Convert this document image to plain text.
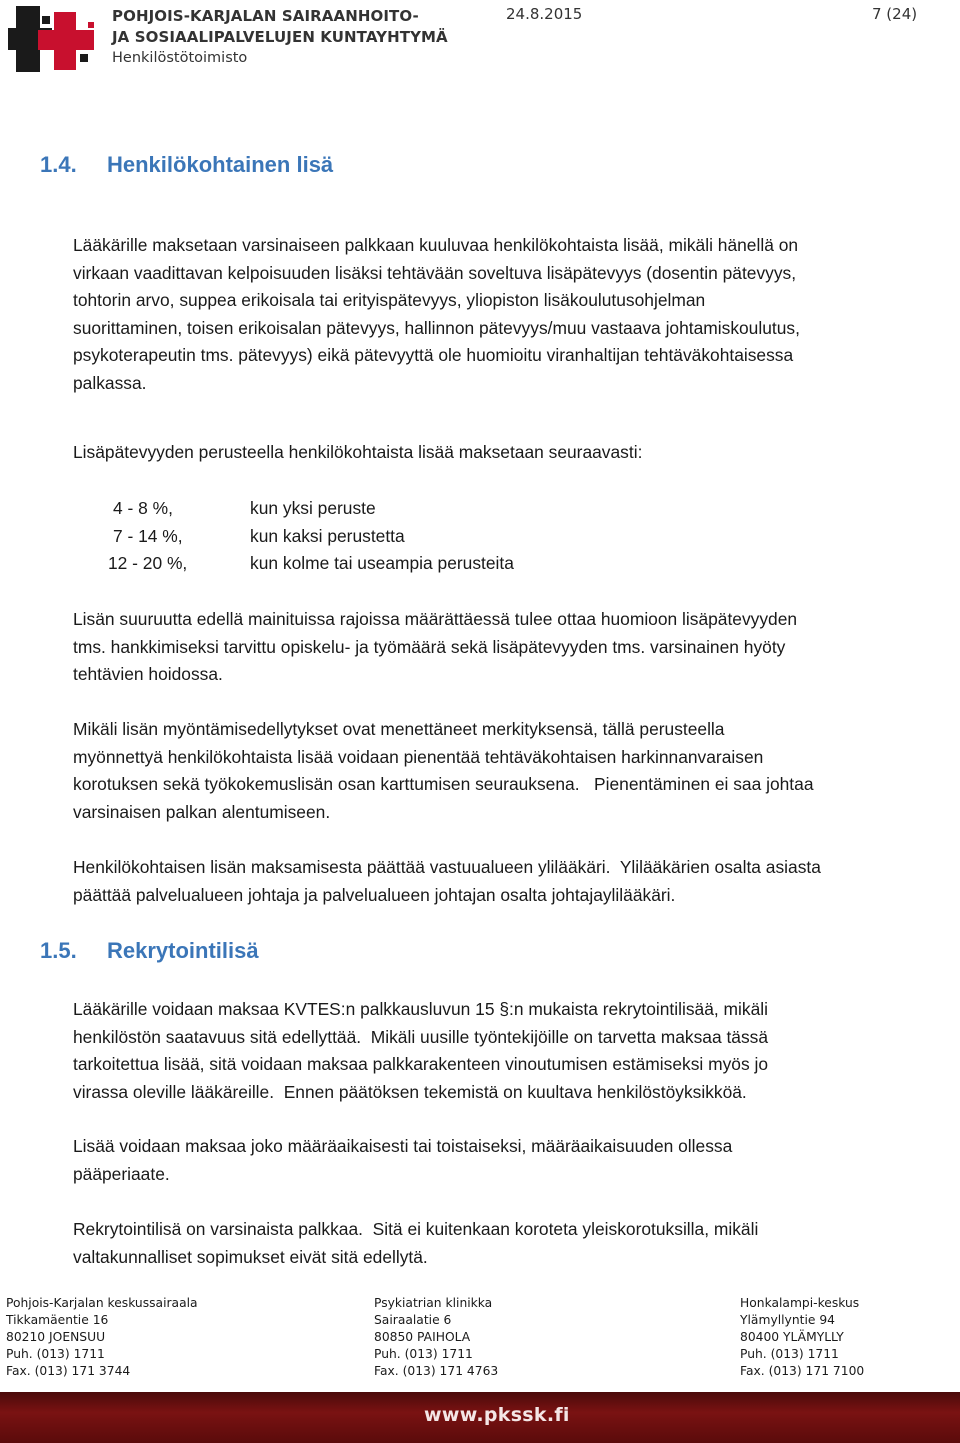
POHJOIS-KARJALAN SAIRAANHOITO-
JA SOSIAALIPALVELUJEN KUNTAYHTYMÄ
Henkilöstötoimisto
24.8.2015	7 (24)
1.4. Henkilökohtainen lisä
Lääkärille maksetaan varsinaiseen palkkaan kuuluvaa henkilökohtaista lisää, mikäli hänellä on
virkaan vaadittavan kelpoisuuden lisäksi tehtävään soveltuva lisäpätevyys (dosentin pätevyys,
tohtorin arvo, suppea erikoisala tai erityispätevyys, yliopiston lisäkoulutusohjelman
suorittaminen, toisen erikoisalan pätevyys, hallinnon pätevyys/muu vastaava johtamiskoulutus,
psykoterapeutin tms. pätevyys) eikä pätevyyttä ole huomioitu viranhaltijan tehtäväkohtaisessa
palkassa.
Lisäpätevyyden perusteella henkilökohtaista lisää maksetaan seuraavasti:
4 - 8 %,	kun yksi peruste
7 - 14 %,	kun kaksi perustetta
12 - 20 %,	kun kolme tai useampia perusteita
Lisän suuruutta edellä mainituissa rajoissa määrättäessä tulee ottaa huomioon lisäpätevyyden
tms. hankkimiseksi tarvittu opiskelu- ja työmäärä sekä lisäpätevyyden tms. varsinainen hyöty
tehtävien hoidossa.
Mikäli lisän myöntämisedellytykset ovat menettäneet merkityksensä, tällä perusteella
myönnettyä henkilökohtaista lisää voidaan pienentää tehtäväkohtaisen harkinnanvaraisen
korotuksen sekä työkokemuslisän osan karttumisen seurauksena.   Pienentäminen ei saa johtaa
varsinaisen palkan alentumiseen.
Henkilökohtaisen lisän maksamisesta päättää vastuualueen ylilääkäri.  Ylilääkärien osalta asiasta
päättää palvelualueen johtaja ja palvelualueen johtajan osalta johtajaylilääkäri.
1.5. Rekrytointilisä
Lääkärille voidaan maksaa KVTES:n palkkausluvun 15 §:n mukaista rekrytointilisää, mikäli
henkilöstön saatavuus sitä edellyttää.  Mikäli uusille työntekijöille on tarvetta maksaa tässä
tarkoitettua lisää, sitä voidaan maksaa palkkarakenteen vinoutumisen estämiseksi myös jo
virassa oleville lääkäreille.  Ennen päätöksen tekemistä on kuultava henkilöstöyksikköä.
Lisää voidaan maksaa joko määräaikaisesti tai toistaiseksi, määräaikaisuuden ollessa
pääperiaate.
Rekrytointilisä on varsinaista palkkaa.  Sitä ei kuitenkaan koroteta yleiskorotuksilla, mikäli
valtakunnalliset sopimukset eivät sitä edellytä.
Pohjois-Karjalan keskussairaala
Tikkamäentie 16
80210 JOENSUU
Puh. (013) 1711
Fax. (013) 171 3744
Psykiatrian klinikka
Sairaalatie 6
80850 PAIHOLA
Puh. (013) 1711
Fax. (013) 171 4763
Honkalampi-keskus
Ylämyllyntie 94
80400 YLÄMYLLY
Puh. (013) 1711
Fax. (013) 171 7100
www.pkssk.fi
